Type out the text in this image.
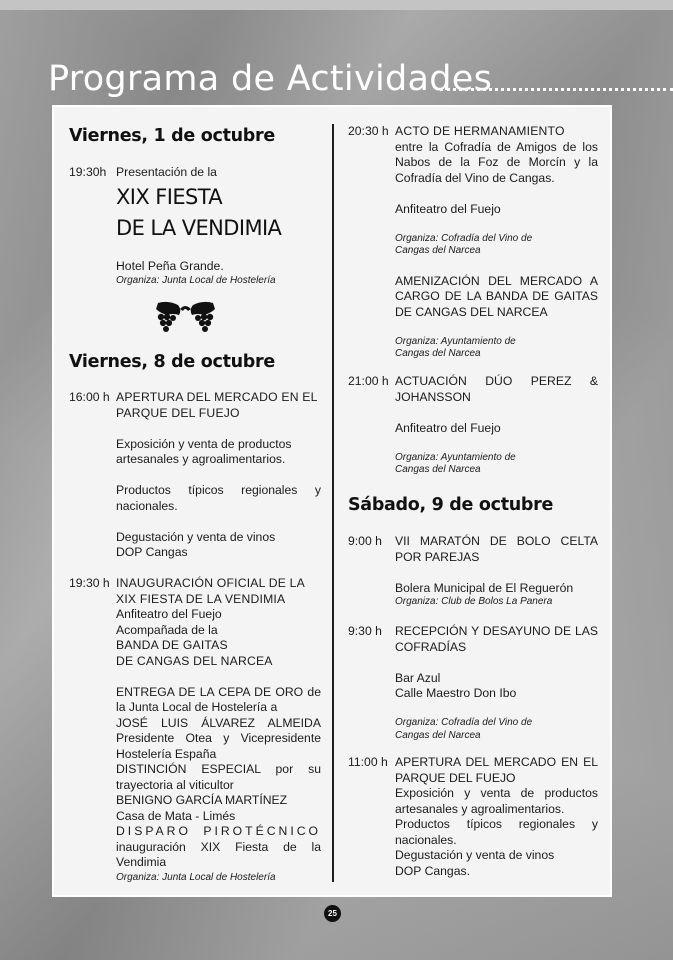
Programa de Actividades
Viernes, 1 de octubre
19:30h Presentación de la

XIX FIESTA
DE LA VENDIMIA

Hotel Peña Grande.

Organiza: Junta Local de Hostelería

Viernes, 8 de octubre
16:00 h APERTURA DEL MERCADO EN EL

PARQUE DEL FUEJO

Exposición y venta de productos

artesanales y agroalimentarios.

Productos típicos regionales y

nacionales.

Degustación y venta de vinos

DOP Cangas

19:30 h INAUGURACIÓN OFICIAL DE LA

XIX FIESTA DE LA VENDIMIA

Anfiteatro del Fuejo

Acompañada de la

BANDA DE GAITAS

DE CANGAS DEL NARCEA

ENTREGA DE LA CEPA DE ORO de

la Junta Local de Hostelería a

JOSÉ LUIS ÁLVAREZ ALMEIDA

Presidente Otea y Vicepresidente

Hostelería España

DISTINCIÓN ESPECIAL por su

trayectoria al viticultor

BENIGNO GARCÍA MARTÍNEZ

Casa de Mata - Limés

DISPARO PIROTÉCNICO

inauguración XIX Fiesta de la

Vendimia

Organiza: Junta Local de Hostelería

20:30 h ACTO DE HERMANAMIENTO

entre la Cofradía de Amigos de los

Nabos de la Foz de Morcín y la

Cofradía del Vino de Cangas.

Anfiteatro del Fuejo

Organiza: Cofradía del Vino de

Cangas del Narcea

AMENIZACIÓN DEL MERCADO A

CARGO DE LA BANDA DE GAITAS

DE CANGAS DEL NARCEA

Organiza: Ayuntamiento de

Cangas del Narcea

21:00 h ACTUACIÓN DÚO PEREZ &

JOHANSSON

Anfiteatro del Fuejo

Organiza: Ayuntamiento de

Cangas del Narcea

Sábado, 9 de octubre
9:00 h VII MARATÓN DE BOLO CELTA

POR PAREJAS

Bolera Municipal de El Reguerón

Organiza: Club de Bolos La Panera

9:30 h RECEPCIÓN Y DESAYUNO DE LAS

COFRADÍAS

Bar Azul

Calle Maestro Don Ibo

Organiza: Cofradía del Vino de

Cangas del Narcea

11:00 h APERTURA DEL MERCADO EN EL

PARQUE DEL FUEJO

Exposición y venta de productos

artesanales y agroalimentarios.

Productos típicos regionales y

nacionales.

Degustación y venta de vinos

DOP Cangas.

25
